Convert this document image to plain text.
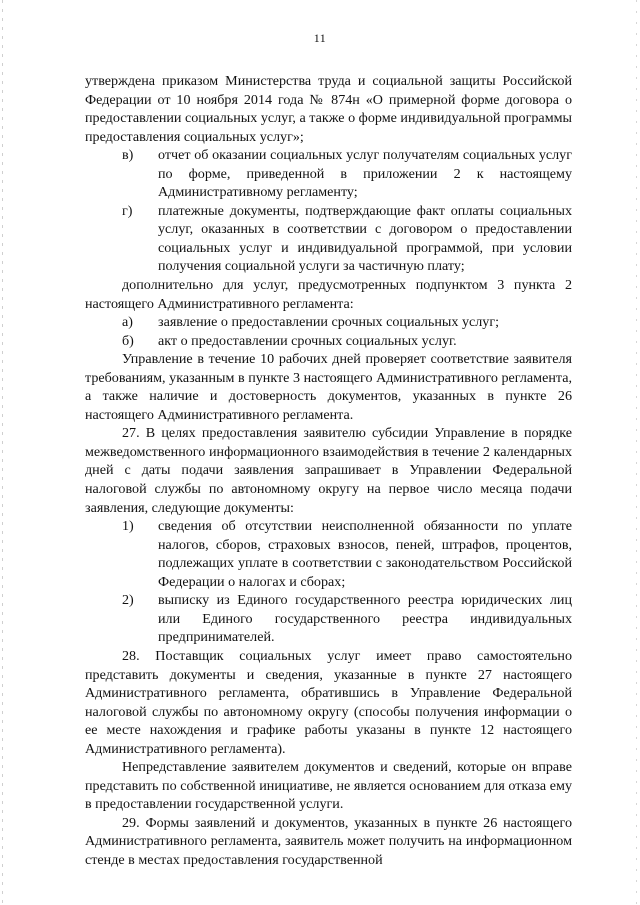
11

утверждена приказом Министерства труда и социальной защиты Российской Федерации от 10 ноября 2014 года № 874н «О примерной форме договора о предоставлении социальных услуг, а также о форме индивидуальной программы предоставления социальных услуг»;

в)	отчет об оказании социальных услуг получателям социальных услуг по форме, приведенной в приложении 2 к настоящему Административному регламенту;
г)	платежные документы, подтверждающие факт оплаты социальных услуг, оказанных в соответствии с договором о предоставлении социальных услуг и индивидуальной программой, при условии получения социальной услуги за частичную плату;

дополнительно для услуг, предусмотренных подпунктом 3 пункта 2 настоящего Административного регламента:

а)	заявление о предоставлении срочных социальных услуг;
б)	акт о предоставлении срочных социальных услуг.

Управление в течение 10 рабочих дней проверяет соответствие заявителя требованиям, указанным в пункте 3 настоящего Административного регламента, а также наличие и достоверность документов, указанных в пункте 26 настоящего Административного регламента.

27. В целях предоставления заявителю субсидии Управление в порядке межведомственного информационного взаимодействия в течение 2 календарных дней с даты подачи заявления запрашивает в Управлении Федеральной налоговой службы по автономному округу на первое число месяца подачи заявления, следующие документы:

1)	сведения об отсутствии неисполненной обязанности по уплате налогов, сборов, страховых взносов, пеней, штрафов, процентов, подлежащих уплате в соответствии с законодательством Российской Федерации о налогах и сборах;
2)	выписку из Единого государственного реестра юридических лиц или Единого государственного реестра индивидуальных предпринимателей.

28. Поставщик социальных услуг имеет право самостоятельно представить документы и сведения, указанные в пункте 27 настоящего Административного регламента, обратившись в Управление Федеральной налоговой службы по автономному округу (способы получения информации о ее месте нахождения и графике работы указаны в пункте 12 настоящего Административного регламента).

Непредставление заявителем документов и сведений, которые он вправе представить по собственной инициативе, не является основанием для отказа ему в предоставлении государственной услуги.

29. Формы заявлений и документов, указанных в пункте 26 настоящего Административного регламента, заявитель может получить на информационном стенде в местах предоставления государственной
